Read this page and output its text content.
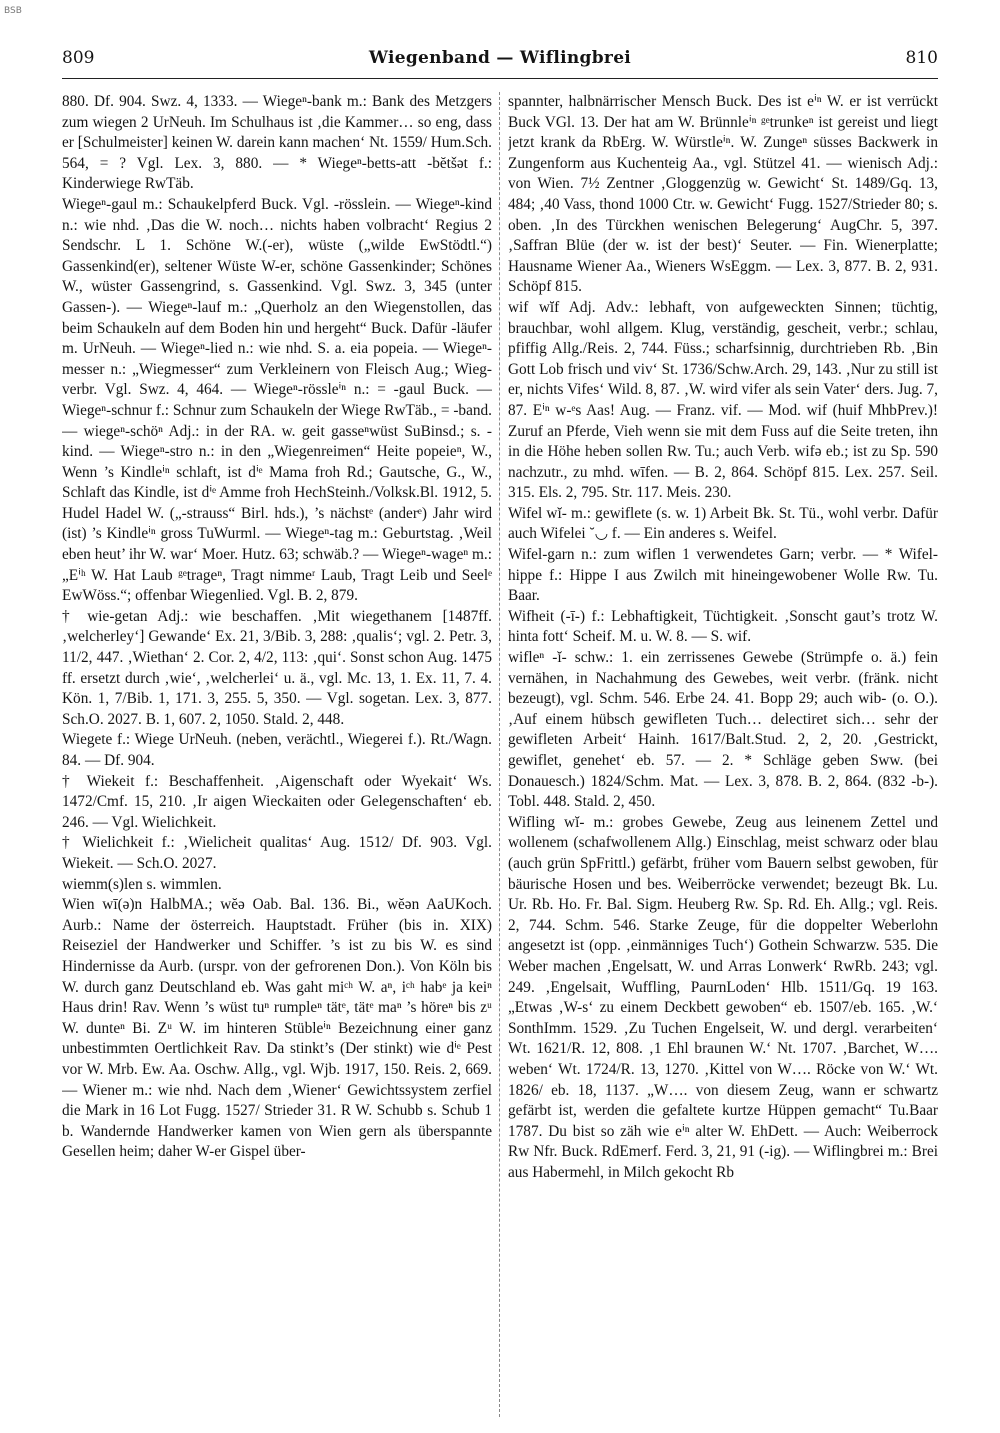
BSB
809	Wiegenband — Wiflingbrei	810

880. Df. 904. Swz. 4, 1333. — Wiegeⁿ-bank m.: Bank des Metzgers zum wiegen 2 UrNeuh. Im Schulhaus ist ‚die Kammer… so eng, dass er [Schulmeister] keinen W. darein kann machen‘ Nt. 1559/ Hum.Sch. 564, = ? Vgl. Lex. 3, 880. — * Wiegeⁿ-betts‑att -bĕtšət f.: Kinderwiege RwTäb.

Wiegeⁿ-gaul m.: Schaukelpferd Buck. Vgl. -rösslein. — Wiegeⁿ-kind n.: wie nhd. ‚Das die W. noch… nichts haben volbracht‘ Regius 2 Sendschr. L 1. Schöne W.(-er), wüste („wilde EwStödtl.“) Gassenkind(er), seltener Wüste W-er, schöne Gassenkinder; Schönes W., wüster Gassengrind, s. Gassenkind. Vgl. Swz. 3, 345 (unter Gassen-). — Wiegeⁿ-lauf m.: „Querholz an den Wiegenstollen, das beim Schaukeln auf dem Boden hin und hergeht“ Buck. Dafür -läufer m. UrNeuh. — Wiegeⁿ-lied n.: wie nhd. S. a. eia popeia. — Wiegeⁿ-messer n.: „Wiegmesser“ zum Verkleinern von Fleisch Aug.; Wieg- verbr. Vgl. Swz. 4, 464. — Wiegeⁿ-rössleⁱⁿ n.: = -gaul Buck. — Wiegeⁿ-schnur f.: Schnur zum Schaukeln der Wiege RwTäb., = -band. — wiegeⁿ-schöⁿ Adj.: in der RA. w. geit gasseⁿwüst SuBinsd.; s. -kind. — Wiegeⁿ-stro n.: in den „Wiegenreimen“ Heite popeieⁿ, W., Wenn ’s Kindleⁱⁿ schlaft, ist dⁱᵉ Mama froh Rd.; Gautsche, G., W., Schlaft das Kindle, ist dⁱᵉ Amme froh HechSteinh./Volksk.Bl. 1912, 5. Hudel Hadel W. („-strauss“ Birl. hds.), ’s nächstᵉ (anderᵉ) Jahr wird (ist) ’s Kindleⁱⁿ gross TuWurml. — Wiegeⁿ-tag m.: Geburtstag. ‚Weil eben heut’ ihr W. war‘ Moer. Hutz. 63; schwäb.? — Wiegeⁿ-wageⁿ m.: „Eⁱʰ W. Hat Laub ᵍᵉtrageⁿ, Tragt nimmeʳ Laub, Tragt Leib und Seelᵉ EwWöss.“; offenbar Wiegenlied. Vgl. B. 2, 879.

† wie-getan Adj.: wie beschaffen. ‚Mit wiegethanem [1487ff. ‚welcherley‘] Gewande‘ Ex. 21, 3/Bib. 3, 288: ‚qualis‘; vgl. 2. Petr. 3, 11/2, 447. ‚Wiethan‘ 2. Cor. 2, 4/2, 113: ‚qui‘. Sonst schon Aug. 1475 ff. ersetzt durch ‚wie‘, ‚welcherlei‘ u. ä., vgl. Mc. 13, 1. Ex. 11, 7. 4. Kön. 1, 7/Bib. 1, 171. 3, 255. 5, 350. — Vgl. sogetan. Lex. 3, 877. Sch.O. 2027. B. 1, 607. 2, 1050. Stald. 2, 448.

Wiegete f.: Wiege UrNeuh. (neben, verächtl., Wiegerei f.). Rt./Wagn. 84. — Df. 904.

† Wiekeit f.: Beschaffenheit. ‚Aigenschaft oder Wyekait‘ Ws. 1472/Cmf. 15, 210. ‚Ir aigen Wieckaiten oder Gelegenschaften‘ eb. 246. — Vgl. Wielichkeit.

† Wielichkeit f.: ‚Wielicheit qualitas‘ Aug. 1512/ Df. 903. Vgl. Wiekeit. — Sch.O. 2027.

wiemm(s)len s. wimmlen.

Wien wī(ə)n HalbMA.; wĕə Oab. Bal. 136. Bi., wĕən AaUKoch. Aurb.: Name der österreich. Hauptstadt. Früher (bis in. XIX) Reiseziel der Handwerker und Schiffer. ’s ist zu bis W. es sind Hindernisse da Aurb. (urspr. von der gefrorenen Don.). Von Köln bis W. durch ganz Deutschland eb. Was gaht miᶜʰ W. aⁿ, iᶜʰ habᵉ ja keiⁿ Haus drin! Rav. Wenn ’s wüst tuⁿ rumpleⁿ tätᵉ, tätᵉ maⁿ ’s höreⁿ bis zᵘ W. dunteⁿ Bi. Zᵘ W. im hinteren Stübleⁱⁿ Bezeichnung einer ganz unbestimmten Oertlichkeit Rav. Da stinkt’s (Der stinkt) wie dⁱᵉ Pest vor W. Mrb. Ew. Aa. Oschw. Allg., vgl. Wjb. 1917, 150. Reis. 2, 669. — Wiener m.: wie nhd. Nach dem ‚Wiener‘ Gewichtssystem zerfiel die Mark in 16 Lot Fugg. 1527/ Strieder 31. R W. Schubb s. Schub 1 b. Wandernde Handwerker kamen von Wien gern als überspannte Gesellen heim; daher W-er Gispel über-

spannter, halbnärrischer Mensch Buck. Des ist eⁱⁿ W. er ist verrückt Buck VGl. 13. Der hat am W. Brünnleⁱⁿ ᵍᵉtrunkeⁿ ist gereist und liegt jetzt krank da RbErg. W. Würstleⁱⁿ. W. Zungeⁿ süsses Backwerk in Zungenform aus Kuchenteig Aa., vgl. Stützel 41. — wienisch Adj.: von Wien. 7½ Zentner ‚Gloggenzüg w. Gewicht‘ St. 1489/Gq. 13, 484; ‚40 Vass, thond 1000 Ctr. w. Gewicht‘ Fugg. 1527/Strieder 80; s. oben. ‚In des Türckhen wenischen Belegerung‘ AugChr. 5, 397. ‚Saffran Blüe (der w. ist der best)‘ Seuter. — Fin. Wienerplatte; Hausname Wiener Aa., Wieners WsEggm. — Lex. 3, 877. B. 2, 931. Schöpf 815.

wif wĭf Adj. Adv.: lebhaft, von aufgeweckten Sinnen; tüchtig, brauchbar, wohl allgem. Klug, verständig, gescheit, verbr.; schlau, pfiffig Allg./Reis. 2, 744. Füss.; scharfsinnig, durchtrieben Rb. ‚Bin Gott Lob frisch und viv‘ St. 1736/Schw.Arch. 29, 143. ‚Nur zu still ist er, nichts Vifes‘ Wild. 8, 87. ‚W. wird vifer als sein Vater‘ ders. Jug. 7, 87. Eⁱⁿ w-ᵉs Aas! Aug. — Franz. vif. — Mod. wif (huif MhbPrev.)! Zuruf an Pferde, Vieh wenn sie mit dem Fuss auf die Seite treten, ihn in die Höhe heben sollen Rw. Tu.; auch Verb. wifə eb.; ist zu Sp. 590 nachzutr., zu mhd. wīfen. — B. 2, 864. Schöpf 815. Lex. 257. Seil. 315. Els. 2, 795. Str. 117. Meis. 230.

Wifel wĭ- m.: gewiflete (s. w. 1) Arbeit Bk. St. Tü., wohl verbr. Dafür auch Wifelei ˘◡ f. — Ein anderes s. Weifel.

Wifel-garn n.: zum wiflen 1 verwendetes Garn; verbr. — * Wifel-hippe f.: Hippe I aus Zwilch mit hineingewobener Wolle Rw. Tu. Baar.

Wifheit (-ī-) f.: Lebhaftigkeit, Tüchtigkeit. ‚Sonscht gaut’s trotz W. hinta fott‘ Scheif. M. u. W. 8. — S. wif.

wifleⁿ -ĭ- schw.: 1. ein zerrissenes Gewebe (Strümpfe o. ä.) fein vernähen, in Nachahmung des Gewebes, weit verbr. (fränk. nicht bezeugt), vgl. Schm. 546. Erbe 24. 41. Bopp 29; auch wib- (o. O.). ‚Auf einem hübsch gewifleten Tuch… delectiret sich… sehr der gewifleten Arbeit‘ Hainh. 1617/Balt.Stud. 2, 2, 20. ‚Gestrickt, gewiflet, genehet‘ eb. 57. — 2. * Schläge geben Sww. (bei Donauesch.) 1824/Schm. Mat. — Lex. 3, 878. B. 2, 864. (832 -b-). Tobl. 448. Stald. 2, 450.

Wifling wĭ- m.: grobes Gewebe, Zeug aus leinenem Zettel und wollenem (schafwollenem Allg.) Einschlag, meist schwarz oder blau (auch grün SpFrittl.) gefärbt, früher vom Bauern selbst gewoben, für bäurische Hosen und bes. Weiberröcke verwendet; bezeugt Bk. Lu. Ur. Rb. Ho. Fr. Bal. Sigm. Heuberg Rw. Sp. Rd. Eh. Allg.; vgl. Reis. 2, 744. Schm. 546. Starke Zeuge, für die doppelter Weberlohn angesetzt ist (opp. ‚einmänniges Tuch‘) Gothein Schwarzw. 535. Die Weber machen ‚Engelsatt, W. und Arras Lonwerk‘ RwRb. 243; vgl. 249. ‚Engelsait, Wuffling, PaurnLoden‘ Hlb. 1511/Gq. 19 163. „Etwas ‚W-s‘ zu einem Deckbett gewoben“ eb. 1507/eb. 165. ‚W.‘ SonthImm. 1529. ‚Zu Tuchen Engelseit, W. und dergl. verarbeiten‘ Wt. 1621/R. 12, 808. ‚1 Ehl braunen W.‘ Nt. 1707. ‚Barchet, W…. weben‘ Wt. 1724/R. 13, 1270. ‚Kittel von W…. Röcke von W.‘ Wt. 1826/ eb. 18, 1137. „W…. von diesem Zeug, wann er schwartz gefärbt ist, werden die gefaltete kurtze Hüppen gemacht“ Tu.Baar 1787. Du bist so zäh wie eⁱⁿ alter W. EhDett. — Auch: Weiberrock Rw Nfr. Buck. RdEmerf. Ferd. 3, 21, 91 (-ig). — Wiflingbrei m.: Brei aus Habermehl, in Milch gekocht Rb
